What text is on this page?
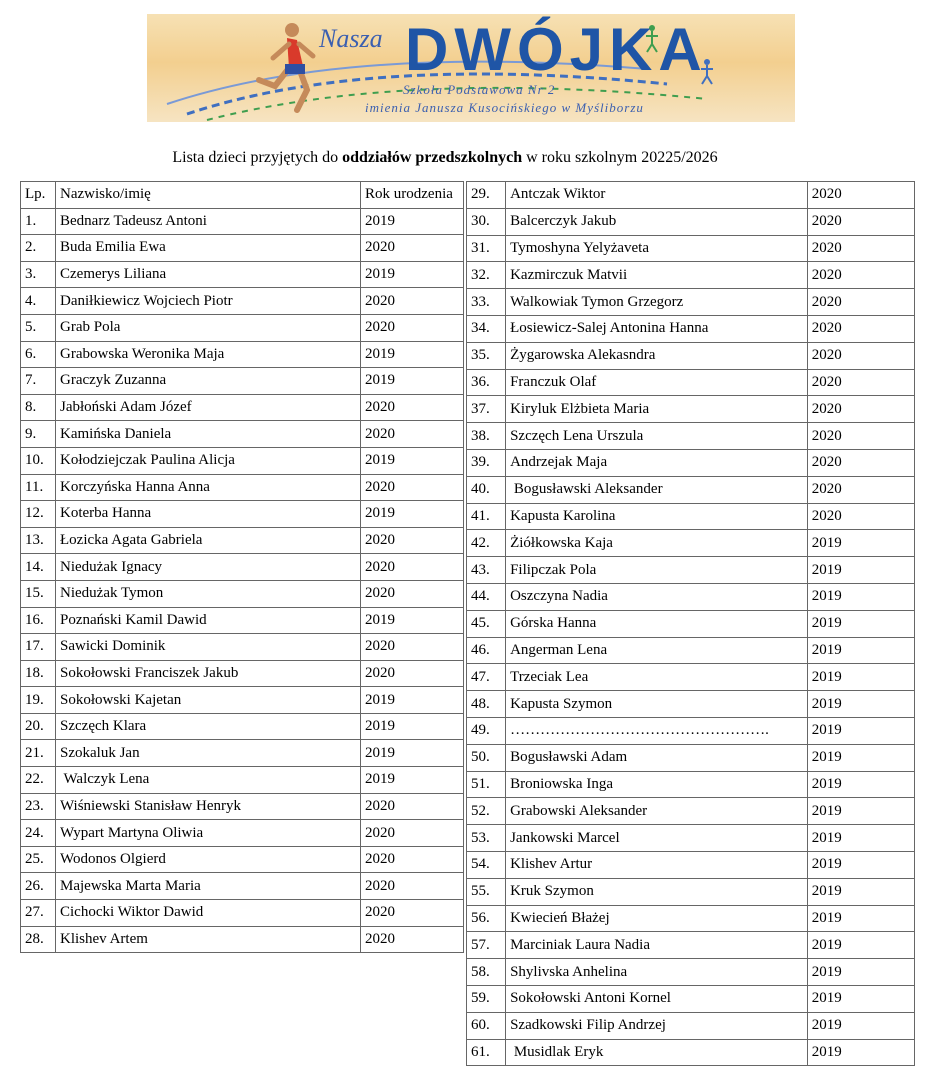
Nasza DWÓJKA
Szkoła Podstawowa Nr 2
imienia Janusza Kusocińskiego w Myśliborzu
Lista dzieci przyjętych do oddziałów przedszkolnych w roku szkolnym 20225/2026
Lp.	Nazwisko/imię	Rok urodzenia
1.	Bednarz Tadeusz Antoni	2019
2.	Buda Emilia Ewa	2020
3.	Czemerys Liliana	2019
4.	Daniłkiewicz Wojciech Piotr	2020
5.	Grab Pola	2020
6.	Grabowska Weronika Maja	2019
7.	Graczyk Zuzanna	2019
8.	Jabłoński Adam Józef	2020
9.	Kamińska Daniela	2020
10.	Kołodziejczak Paulina Alicja	2019
11.	Korczyńska Hanna Anna	2020
12.	Koterba Hanna	2019
13.	Łozicka Agata Gabriela	2020
14.	Niedużak Ignacy	2020
15.	Niedużak Tymon	2020
16.	Poznański Kamil Dawid	2019
17.	Sawicki Dominik	2020
18.	Sokołowski Franciszek Jakub	2020
19.	Sokołowski Kajetan	2019
20.	Szczęch Klara	2019
21.	Szokaluk Jan	2019
22.	Walczyk Lena	2019
23.	Wiśniewski Stanisław Henryk	2020
24.	Wypart Martyna Oliwia	2020
25.	Wodonos Olgierd	2020
26.	Majewska Marta Maria	2020
27.	Cichocki Wiktor Dawid	2020
28.	Klishev Artem	2020
29.	Antczak Wiktor	2020
30.	Balcerczyk Jakub	2020
31.	Tymoshyna Yelyżaveta	2020
32.	Kazmirczuk Matvii	2020
33.	Walkowiak Tymon Grzegorz	2020
34.	Łosiewicz-Salej Antonina Hanna	2020
35.	Żygarowska Alekasndra	2020
36.	Franczuk Olaf	2020
37.	Kiryluk Elżbieta Maria	2020
38.	Szczęch Lena Urszula	2020
39.	Andrzejak Maja	2020
40.	Bogusławski Aleksander	2020
41.	Kapusta Karolina	2020
42.	Żiółkowska Kaja	2019
43.	Filipczak Pola	2019
44.	Oszczyna Nadia	2019
45.	Górska Hanna	2019
46.	Angerman Lena	2019
47.	Trzeciak Lea	2019
48.	Kapusta Szymon	2019
49.	…………………………………………….	2019
50.	Bogusławski Adam	2019
51.	Broniowska Inga	2019
52.	Grabowski Aleksander	2019
53.	Jankowski Marcel	2019
54.	Klishev Artur	2019
55.	Kruk Szymon	2019
56.	Kwiecień Błażej	2019
57.	Marciniak Laura Nadia	2019
58.	Shylivska Anhelina	2019
59.	Sokołowski Antoni Kornel	2019
60.	Szadkowski Filip Andrzej	2019
61.	Musidlak Eryk	2019
